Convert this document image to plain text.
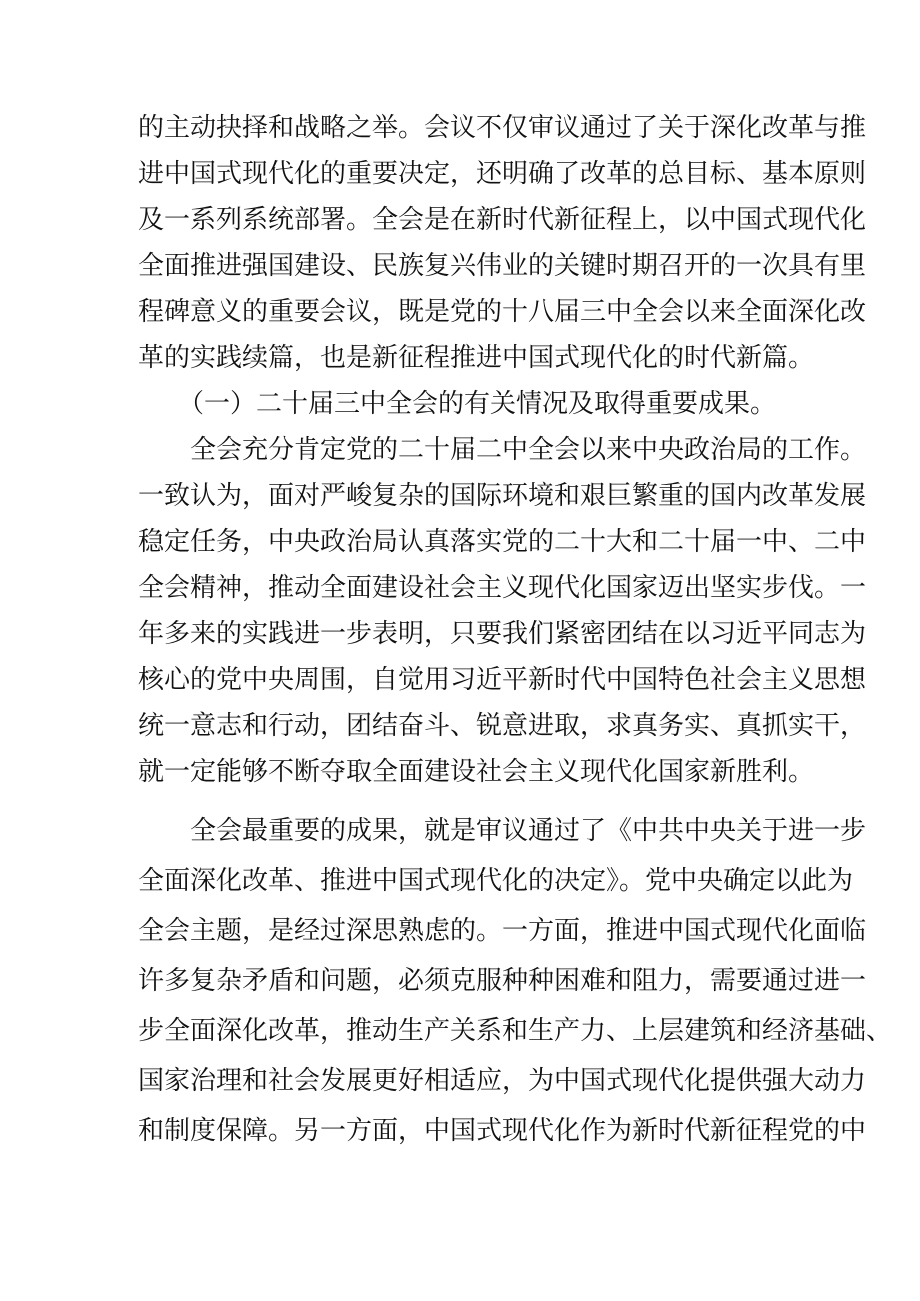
的主动抉择和战略之举。会议不仅审议通过了关于深化改革与推
进中国式现代化的重要决定，还明确了改革的总目标、基本原则
及一系列系统部署。全会是在新时代新征程上，以中国式现代化
全面推进强国建设、民族复兴伟业的关键时期召开的一次具有里
程碑意义的重要会议，既是党的十八届三中全会以来全面深化改
革的实践续篇，也是新征程推进中国式现代化的时代新篇。
（一）二十届三中全会的有关情况及取得重要成果。
全会充分肯定党的二十届二中全会以来中央政治局的工作。
一致认为，面对严峻复杂的国际环境和艰巨繁重的国内改革发展
稳定任务，中央政治局认真落实党的二十大和二十届一中、二中
全会精神，推动全面建设社会主义现代化国家迈出坚实步伐。一
年多来的实践进一步表明，只要我们紧密团结在以习近平同志为
核心的党中央周围，自觉用习近平新时代中国特色社会主义思想
统一意志和行动，团结奋斗、锐意进取，求真务实、真抓实干，
就一定能够不断夺取全面建设社会主义现代化国家新胜利。
全会最重要的成果，就是审议通过了《中共中央关于进一步
全面深化改革、推进中国式现代化的决定》。党中央确定以此为
全会主题，是经过深思熟虑的。一方面，推进中国式现代化面临
许多复杂矛盾和问题，必须克服种种困难和阻力，需要通过进一
步全面深化改革，推动生产关系和生产力、上层建筑和经济基础、
国家治理和社会发展更好相适应，为中国式现代化提供强大动力
和制度保障。另一方面，中国式现代化作为新时代新征程党的中
